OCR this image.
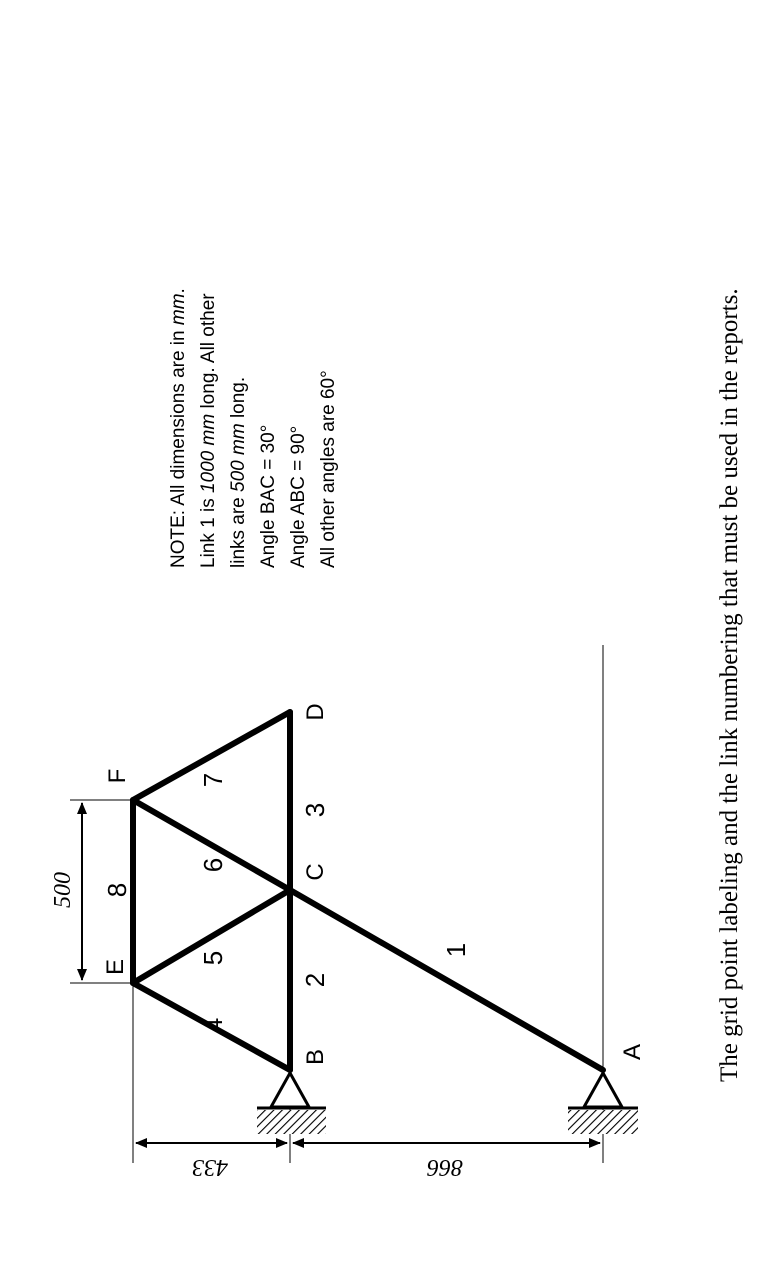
500
433	866
A
B
C
D
E
F
1
2
3
4
5
6
7
8
NOTE: All dimensions are in mm.
Link 1 is 1000 mm long. All other
links are 500 mm long.
Angle BAC = 30° Angle ABC = 90° All other angles are 60°	The grid point labeling and the link numbering that must be used in the reports.
